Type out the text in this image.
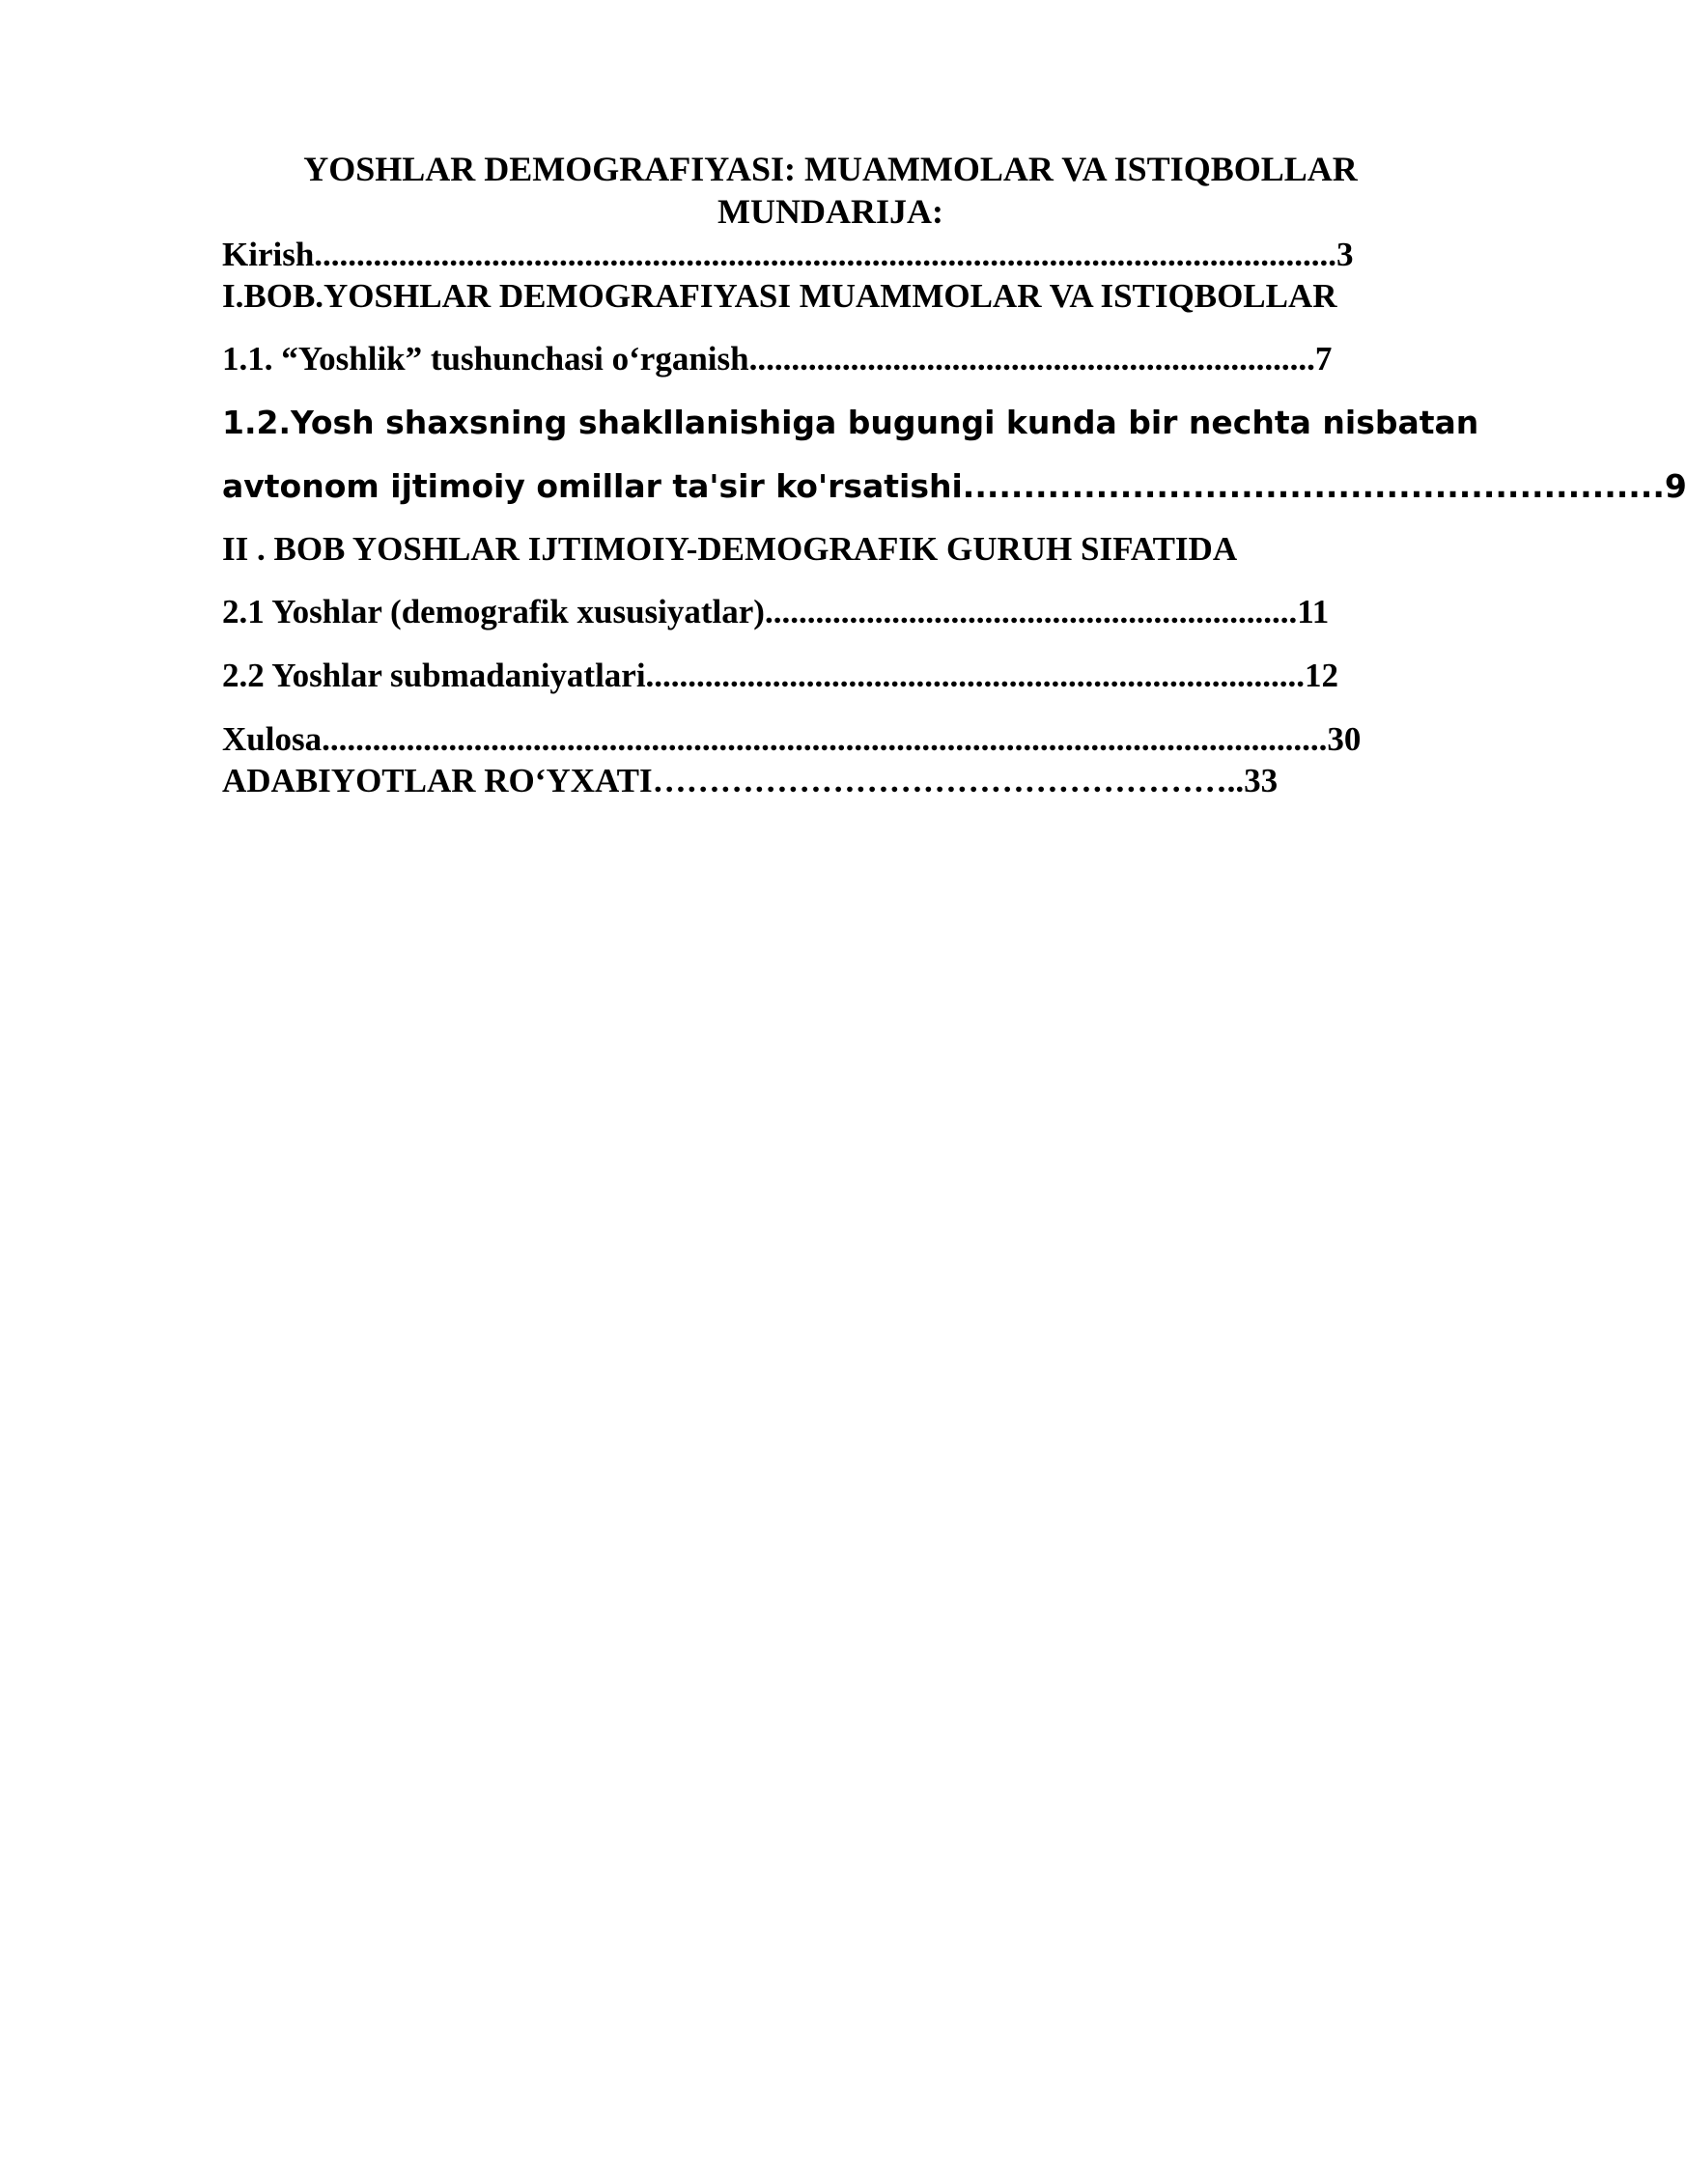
YOSHLAR DEMOGRAFIYASI: MUAMMOLAR VA ISTIQBOLLAR
MUNDARIJA:
Kirish.........................................................................................................................3
I.BOB.YOSHLAR DEMOGRAFIYASI MUAMMOLAR VA ISTIQBOLLAR
1.1. “Yoshlik” tushunchasi o‘rganish...................................................................7
1.2.Yosh shaxsning shakllanishiga bugungi kunda bir nechta nisbatan
avtonom ijtimoiy omillar ta'sir ko'rsatishi..........................................................9
II . BOB YOSHLAR IJTIMOIY-DEMOGRAFIK GURUH SIFATIDA
2.1 Yoshlar (demografik xususiyatlar)...............................................................11
2.2 Yoshlar submadaniyatlari..............................................................................12
Xulosa.......................................................................................................................30
ADABIYOTLAR RO‘YXATI……………………………………………..33
